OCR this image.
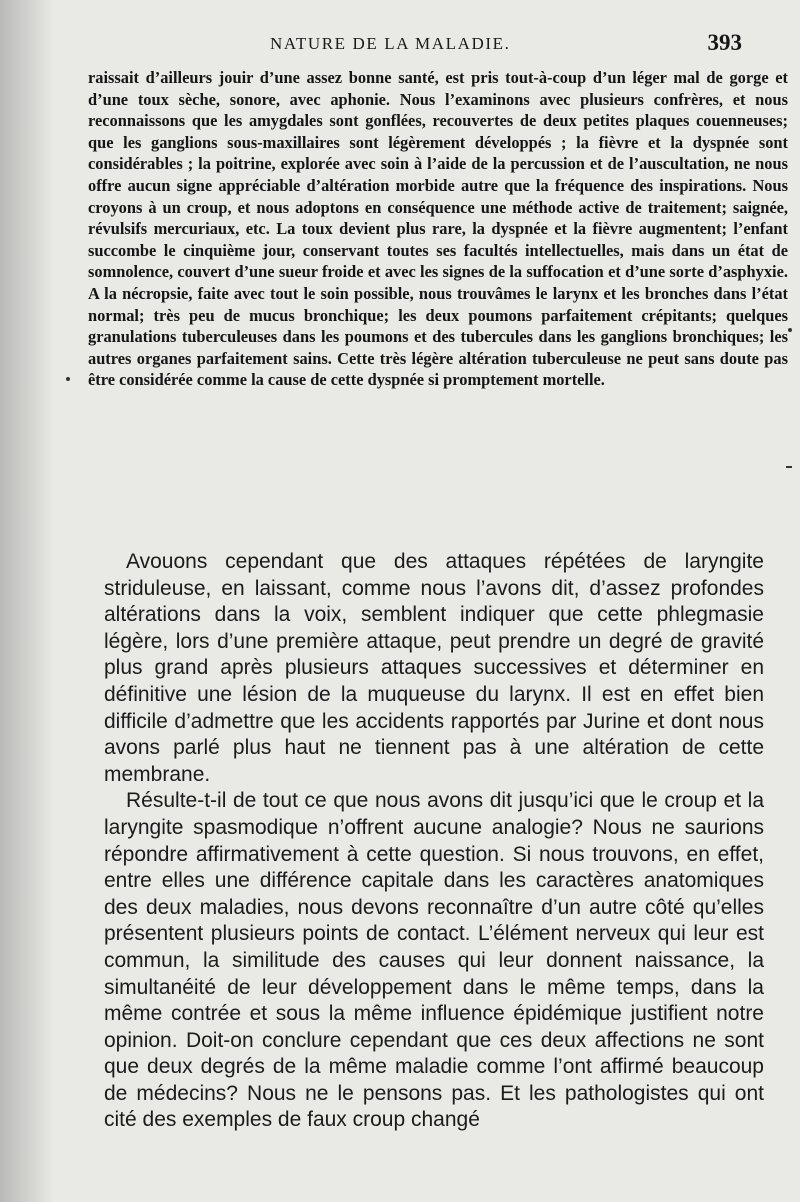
NATURE DE LA MALADIE.	393

raissait d’ailleurs jouir d’une assez bonne santé, est pris tout-à-coup d’un léger mal de gorge et d’une toux sèche, sonore, avec aphonie. Nous l’examinons avec plusieurs confrères, et nous reconnaissons que les amygdales sont gonflées, recouvertes de deux petites plaques couenneuses; que les ganglions sous-maxillaires sont légèrement développés ; la fièvre et la dyspnée sont considérables ; la poitrine, explorée avec soin à l’aide de la percussion et de l’auscultation, ne nous offre aucun signe appréciable d’altération morbide autre que la fréquence des inspirations. Nous croyons à un croup, et nous adoptons en conséquence une méthode active de traitement; saignée, révulsifs mercuriaux, etc. La toux devient plus rare, la dyspnée et la fièvre augmentent; l’enfant succombe le cinquième jour, conservant toutes ses facultés intellectuelles, mais dans un état de somnolence, couvert d’une sueur froide et avec les signes de la suffocation et d’une sorte d’asphyxie. A la nécropsie, faite avec tout le soin possible, nous trouvâmes le larynx et les bronches dans l’état normal; très peu de mucus bronchique; les deux poumons parfaitement crépitants; quelques granulations tuberculeuses dans les poumons et des tubercules dans les ganglions bronchiques; les autres organes parfaitement sains. Cette très légère altération tuberculeuse ne peut sans doute pas être considérée comme la cause de cette dyspnée si promptement mortelle.

Avouons cependant que des attaques répétées de laryngite striduleuse, en laissant, comme nous l’avons dit, d’assez profondes altérations dans la voix, semblent indiquer que cette phlegmasie légère, lors d’une première attaque, peut prendre un degré de gravité plus grand après plusieurs attaques successives et déterminer en définitive une lésion de la muqueuse du larynx. Il est en effet bien difficile d’admettre que les accidents rapportés par Jurine et dont nous avons parlé plus haut ne tiennent pas à une altération de cette membrane.

Résulte-t-il de tout ce que nous avons dit jusqu’ici que le croup et la laryngite spasmodique n’offrent aucune analogie? Nous ne saurions répondre affirmativement à cette question. Si nous trouvons, en effet, entre elles une différence capitale dans les caractères anatomiques des deux maladies, nous devons reconnaître d’un autre côté qu’elles présentent plusieurs points de contact. L’élément nerveux qui leur est commun, la similitude des causes qui leur donnent naissance, la simultanéité de leur développement dans le même temps, dans la même contrée et sous la même influence épidémique justifient notre opinion. Doit-on conclure cependant que ces deux affections ne sont que deux degrés de la même maladie comme l’ont affirmé beaucoup de médecins? Nous ne le pensons pas. Et les pathologistes qui ont cité des exemples de faux croup changé
